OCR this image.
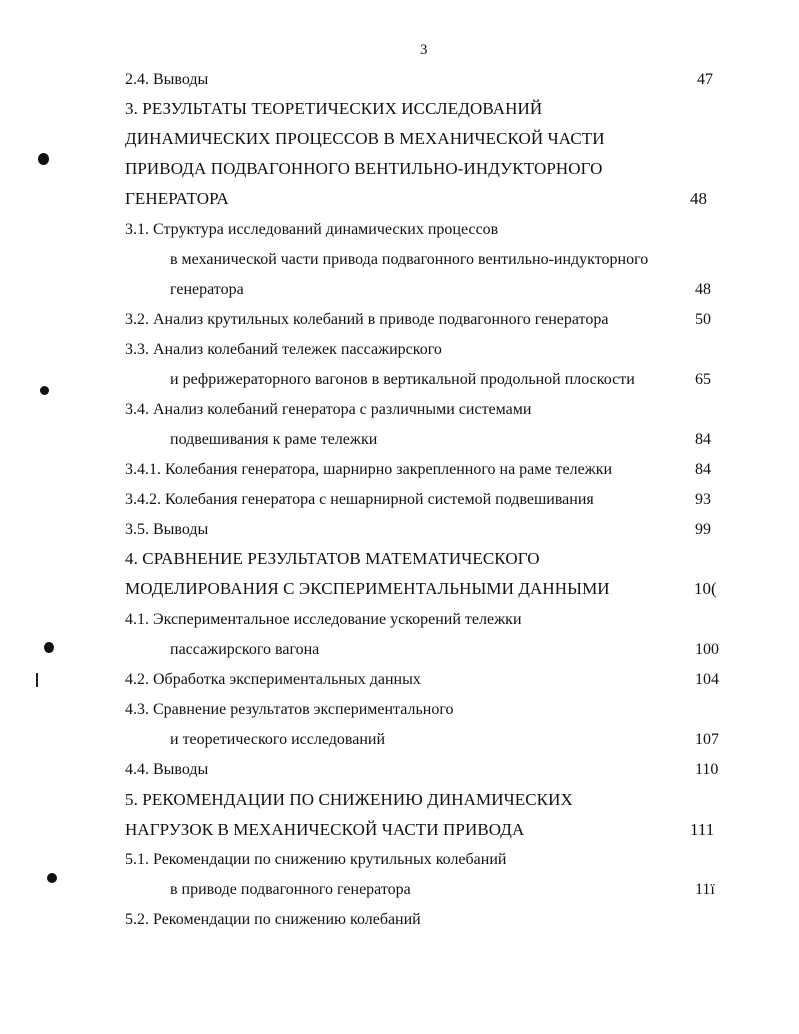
3
2.4. Выводы	47
3. РЕЗУЛЬТАТЫ ТЕОРЕТИЧЕСКИХ ИССЛЕДОВАНИЙ
ДИНАМИЧЕСКИХ ПРОЦЕССОВ В МЕХАНИЧЕСКОЙ ЧАСТИ
ПРИВОДА ПОДВАГОННОГО ВЕНТИЛЬНО-ИНДУКТОРНОГО
ГЕНЕРАТОРА	48
3.1. Структура исследований динамических процессов
в механической части привода подвагонного вентильно-индукторного
генератора	48
3.2. Анализ крутильных колебаний в приводе подвагонного генератора	50
3.3. Анализ колебаний тележек пассажирского
и рефрижераторного вагонов в вертикальной продольной плоскости	65
3.4. Анализ колебаний генератора с различными системами
подвешивания к раме тележки	84
3.4.1. Колебания генератора, шарнирно закрепленного на раме тележки	84
3.4.2. Колебания генератора с нешарнирной системой подвешивания	93
3.5. Выводы	99
4. СРАВНЕНИЕ РЕЗУЛЬТАТОВ МАТЕМАТИЧЕСКОГО
МОДЕЛИРОВАНИЯ С ЭКСПЕРИМЕНТАЛЬНЫМИ ДАННЫМИ	10(
4.1. Экспериментальное исследование ускорений тележки
пассажирского вагона	100
4.2. Обработка экспериментальных данных	104
4.3. Сравнение результатов экспериментального
и теоретического исследований	107
4.4. Выводы	110
5. РЕКОМЕНДАЦИИ ПО СНИЖЕНИЮ ДИНАМИЧЕСКИХ
НАГРУЗОК В МЕХАНИЧЕСКОЙ ЧАСТИ ПРИВОДА	111
5.1. Рекомендации по снижению крутильных колебаний
в приводе подвагонного генератора	11ï
5.2. Рекомендации по снижению колебаний
